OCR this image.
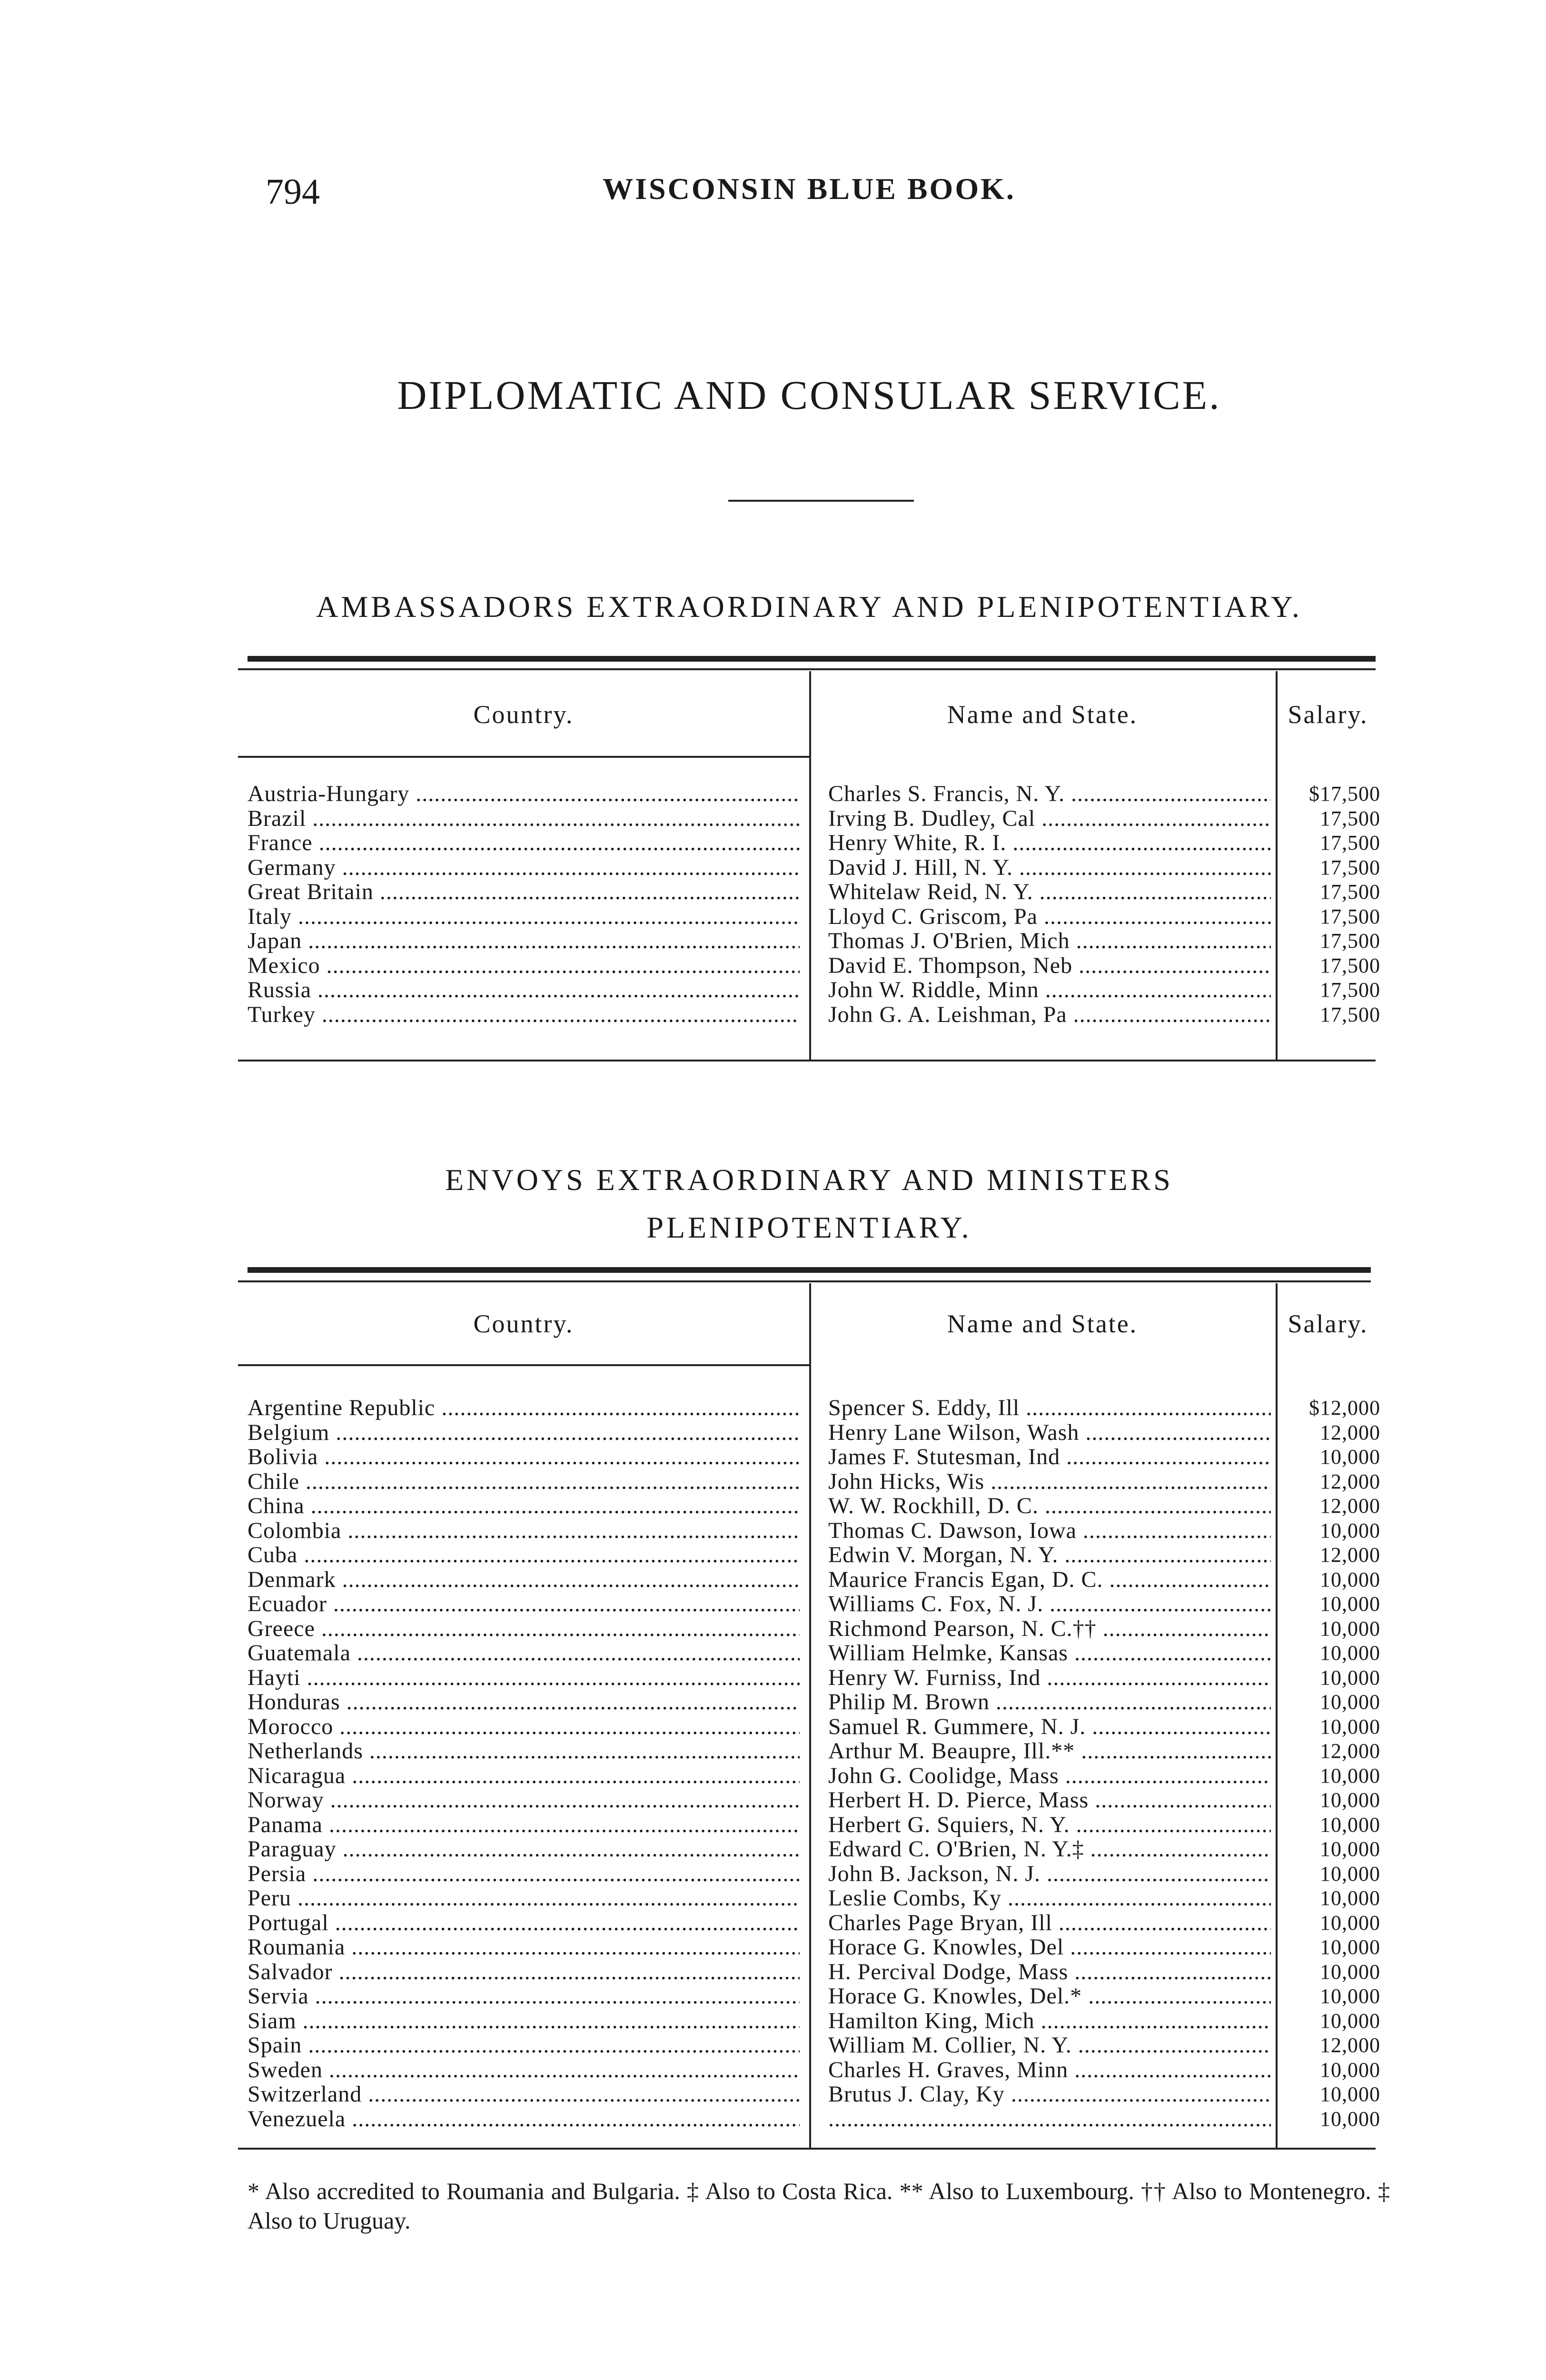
794	WISCONSIN BLUE BOOK.
DIPLOMATIC AND CONSULAR SERVICE.
AMBASSADORS EXTRAORDINARY AND PLENIPOTENTIARY.
Country.	Name and State.	Salary.
Austria-Hungary .....	Charles S. Francis, N. Y. .....	$17,500
Brazil .....	Irving B. Dudley, Cal .....	17,500
France .....	Henry White, R. I. .....	17,500
Germany .....	David J. Hill, N. Y. .....	17,500
Great Britain .....	Whitelaw Reid, N. Y. .....	17,500
Italy .....	Lloyd C. Griscom, Pa .....	17,500
Japan .....	Thomas J. O'Brien, Mich .....	17,500
Mexico .....	David E. Thompson, Neb .....	17,500
Russia .....	John W. Riddle, Minn .....	17,500
Turkey .....	John G. A. Leishman, Pa .....	17,500
ENVOYS EXTRAORDINARY AND MINISTERS
PLENIPOTENTIARY.
Country.	Name and State.	Salary.
Argentine Republic .....	Spencer S. Eddy, Ill .....	$12,000
Belgium .....	Henry Lane Wilson, Wash .....	12,000
Bolivia .....	James F. Stutesman, Ind .....	10,000
Chile .....	John Hicks, Wis .....	12,000
China .....	W. W. Rockhill, D. C. .....	12,000
Colombia .....	Thomas C. Dawson, Iowa .....	10,000
Cuba .....	Edwin V. Morgan, N. Y. .....	12,000
Denmark .....	Maurice Francis Egan, D. C. .....	10,000
Ecuador .....	Williams C. Fox, N. J. .....	10,000
Greece .....	Richmond Pearson, N. C.†† .....	10,000
Guatemala .....	William Helmke, Kansas .....	10,000
Hayti .....	Henry W. Furniss, Ind .....	10,000
Honduras .....	Philip M. Brown .....	10,000
Morocco .....	Samuel R. Gummere, N. J. .....	10,000
Netherlands .....	Arthur M. Beaupre, Ill.** .....	12,000
Nicaragua .....	John G. Coolidge, Mass .....	10,000
Norway .....	Herbert H. D. Pierce, Mass .....	10,000
Panama .....	Herbert G. Squiers, N. Y. .....	10,000
Paraguay .....	Edward C. O'Brien, N. Y.‡ .....	10,000
Persia .....	John B. Jackson, N. J. .....	10,000
Peru .....	Leslie Combs, Ky .....	10,000
Portugal .....	Charles Page Bryan, Ill .....	10,000
Roumania .....	Horace G. Knowles, Del .....	10,000
Salvador .....	H. Percival Dodge, Mass .....	10,000
Servia .....	Horace G. Knowles, Del.* .....	10,000
Siam .....	Hamilton King, Mich .....	10,000
Spain .....	William M. Collier, N. Y. .....	12,000
Sweden .....	Charles H. Graves, Minn .....	10,000
Switzerland .....	Brutus J. Clay, Ky .....	10,000
Venezuela .....
.....	10,000
* Also accredited to Roumania and Bulgaria. ‡ Also to Costa Rica. ** Also to Luxembourg. †† Also to Montenegro. ‡ Also to Uruguay.
